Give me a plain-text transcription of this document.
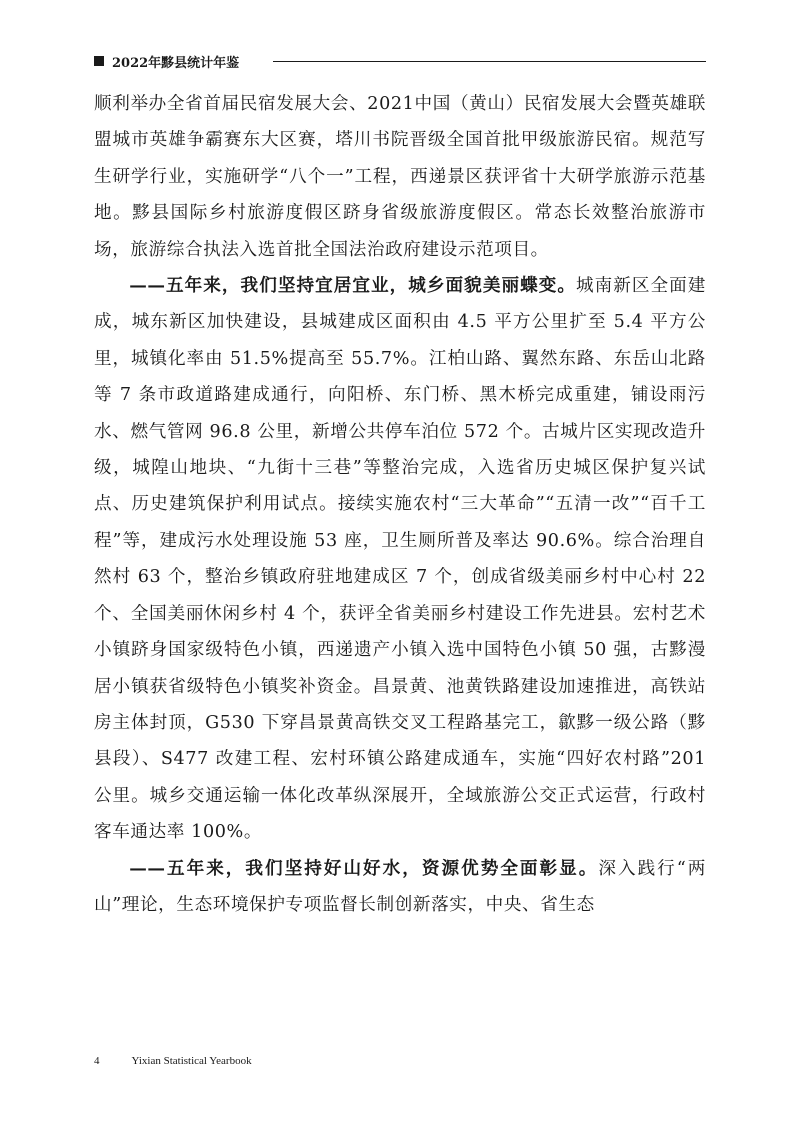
2022年黟县统计年鉴

顺利举办全省首届民宿发展大会、2021中国（黄山）民宿发展大会暨英雄联盟城市英雄争霸赛东大区赛，塔川书院晋级全国首批甲级旅游民宿。规范写生研学行业，实施研学“八个一”工程，西递景区获评省十大研学旅游示范基地。黟县国际乡村旅游度假区跻身省级旅游度假区。常态长效整治旅游市场，旅游综合执法入选首批全国法治政府建设示范项目。

——五年来，我们坚持宜居宜业，城乡面貌美丽蝶变。城南新区全面建成，城东新区加快建设，县城建成区面积由 4.5 平方公里扩至 5.4 平方公里，城镇化率由 51.5%提高至 55.7%。江柏山路、翼然东路、东岳山北路等 7 条市政道路建成通行，向阳桥、东门桥、黑木桥完成重建，铺设雨污水、燃气管网 96.8 公里，新增公共停车泊位 572 个。古城片区实现改造升级，城隍山地块、“九街十三巷”等整治完成，入选省历史城区保护复兴试点、历史建筑保护利用试点。接续实施农村“三大革命”“五清一改”“百千工程”等，建成污水处理设施 53 座，卫生厕所普及率达 90.6%。综合治理自然村 63 个，整治乡镇政府驻地建成区 7 个，创成省级美丽乡村中心村 22 个、全国美丽休闲乡村 4 个，获评全省美丽乡村建设工作先进县。宏村艺术小镇跻身国家级特色小镇，西递遗产小镇入选中国特色小镇 50 强，古黟漫居小镇获省级特色小镇奖补资金。昌景黄、池黄铁路建设加速推进，高铁站房主体封顶，G530 下穿昌景黄高铁交叉工程路基完工，歙黟一级公路（黟县段）、S477 改建工程、宏村环镇公路建成通车，实施“四好农村路”201 公里。城乡交通运输一体化改革纵深展开，全域旅游公交正式运营，行政村客车通达率 100%。

——五年来，我们坚持好山好水，资源优势全面彰显。深入践行“两山”理论，生态环境保护专项监督长制创新落实，中央、省生态

4	Yixian Statistical Yearbook
